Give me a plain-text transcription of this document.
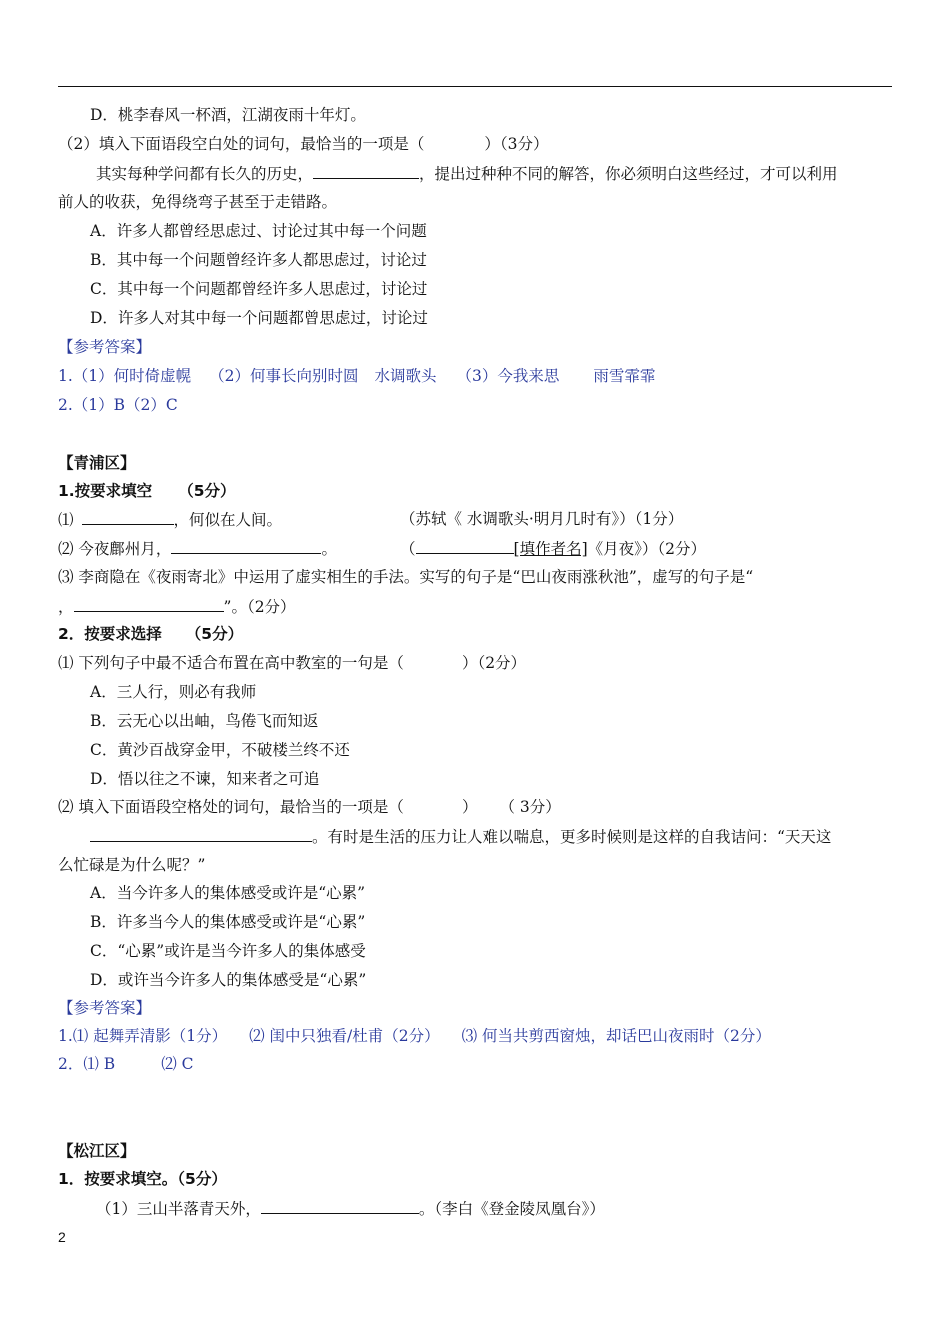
D．桃李春风一杯酒，江湖夜雨十年灯。
（2）填入下面语段空白处的词句，最恰当的一项是（	）（3分）
其实每种学问都有长久的历史，	，提出过种种不同的解答，你必须明白这些经过，才可以利用
前人的收获，免得绕弯子甚至于走错路。
A．许多人都曾经思虑过、讨论过其中每一个问题
B．其中每一个问题曾经许多人都思虑过，讨论过
C．其中每一个问题都曾经许多人思虑过，讨论过
D．许多人对其中每一个问题都曾思虑过，讨论过
【参考答案】
1.（1）何时倚虚幌 （2）何事长向别时圆 水调歌头 （3）今我来思 雨雪霏霏
2.（1）B（2）C
【青浦区】
1.按要求填空 （5分）
⑴	，何似在人间。	（苏轼《 水调歌头·明月几时有》）（1分）
⑵ 今夜鄜州月，	。	（	[填作者名]《月夜》）（2分）
⑶ 李商隐在《夜雨寄北》中运用了虚实相生的手法。实写的句子是“巴山夜雨涨秋池”，虚写的句子是“
，	”。（2分）
2．按要求选择 （5分）
⑴ 下列句子中最不适合布置在高中教室的一句是（	）（2分）
A．三人行，则必有我师
B．云无心以出岫，鸟倦飞而知返
C．黄沙百战穿金甲，不破楼兰终不还
D．悟以往之不谏，知来者之可追
⑵ 填入下面语段空格处的词句，最恰当的一项是（	） （ 3分）
。有时是生活的压力让人难以喘息，更多时候则是这样的自我诘问：“天天这
么忙碌是为什么呢？”
A．当今许多人的集体感受或许是“心累”
B．许多当今人的集体感受或许是“心累”
C．“心累”或许是当今许多人的集体感受
D．或许当今许多人的集体感受是“心累”
【参考答案】
1.⑴ 起舞弄清影（1分） ⑵ 闺中只独看/杜甫（2分） ⑶ 何当共剪西窗烛，却话巴山夜雨时（2分）
2．⑴ B	⑵ C
【松江区】
1．按要求填空。（5分）
（1）三山半落青天外，	。（李白《登金陵凤凰台》）
2
